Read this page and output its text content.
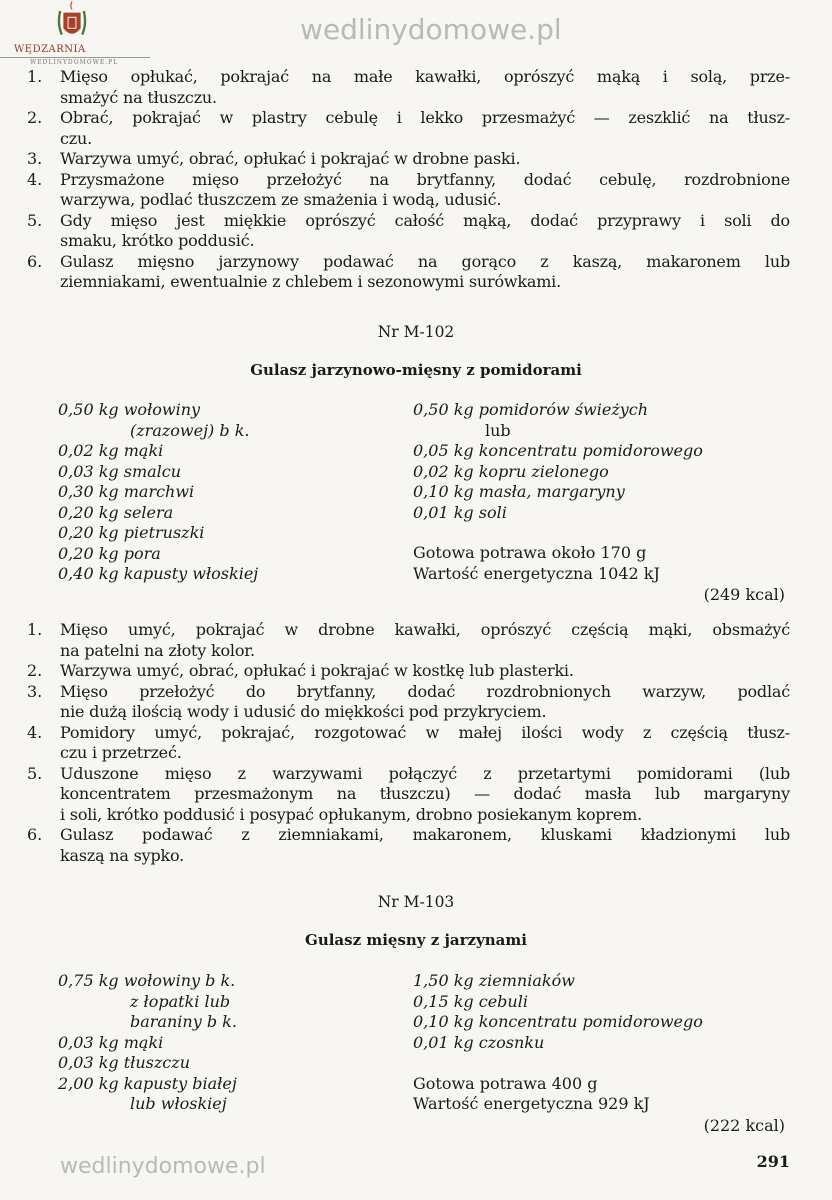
WĘDZARNIA
WEDLINYDOMOWE.PL
wedlinydomowe.pl
wedlinydomowe.pl
1. Mięso opłukać, pokrajać na małe kawałki, oprószyć mąką i solą, prze-
smażyć na tłuszczu.
2. Obrać, pokrajać w plastry cebulę i lekko przesmażyć — zeszklić na tłusz-
czu.
3. Warzywa umyć, obrać, opłukać i pokrajać w drobne paski.
4. Przysmażone mięso przełożyć na brytfanny, dodać cebulę, rozdrobnione
warzywa, podlać tłuszczem ze smażenia i wodą, udusić.
5. Gdy mięso jest miękkie oprószyć całość mąką, dodać przyprawy i soli do
smaku, krótko poddusić.
6. Gulasz mięsno jarzynowy podawać na gorąco z kaszą, makaronem lub
ziemniakami, ewentualnie z chlebem i sezonowymi surówkami.
Nr M-102
Gulasz jarzynowo-mięsny z pomidorami
0,50 kg wołowiny
(zrazowej) b k.
0,02 kg mąki
0,03 kg smalcu
0,30 kg marchwi
0,20 kg selera
0,20 kg pietruszki
0,20 kg pora
0,40 kg kapusty włoskiej
0,50 kg pomidorów świeżych
lub
0,05 kg koncentratu pomidorowego
0,02 kg kopru zielonego
0,10 kg masła, margaryny
0,01 kg soli
Gotowa potrawa około 170 g
Wartość energetyczna 1042 kJ
(249 kcal)
1. Mięso umyć, pokrajać w drobne kawałki, oprószyć częścią mąki, obsmażyć
na patelni na złoty kolor.
2. Warzywa umyć, obrać, opłukać i pokrajać w kostkę lub plasterki.
3. Mięso przełożyć do brytfanny, dodać rozdrobnionych warzyw, podlać
nie dużą ilością wody i udusić do miękkości pod przykryciem.
4. Pomidory umyć, pokrajać, rozgotować w małej ilości wody z częścią tłusz-
czu i przetrzeć.
5. Uduszone mięso z warzywami połączyć z przetartymi pomidorami (lub
koncentratem przesmażonym na tłuszczu) — dodać masła lub margaryny
i soli, krótko poddusić i posypać opłukanym, drobno posiekanym koprem.
6. Gulasz podawać z ziemniakami, makaronem, kluskami kładzionymi lub
kaszą na sypko.
Nr M-103
Gulasz mięsny z jarzynami
0,75 kg wołowiny b k.
z łopatki lub
baraniny b k.
0,03 kg mąki
0,03 kg tłuszczu
2,00 kg kapusty białej
lub włoskiej
1,50 kg ziemniaków
0,15 kg cebuli
0,10 kg koncentratu pomidorowego
0,01 kg czosnku
Gotowa potrawa 400 g
Wartość energetyczna 929 kJ
(222 kcal)
291
